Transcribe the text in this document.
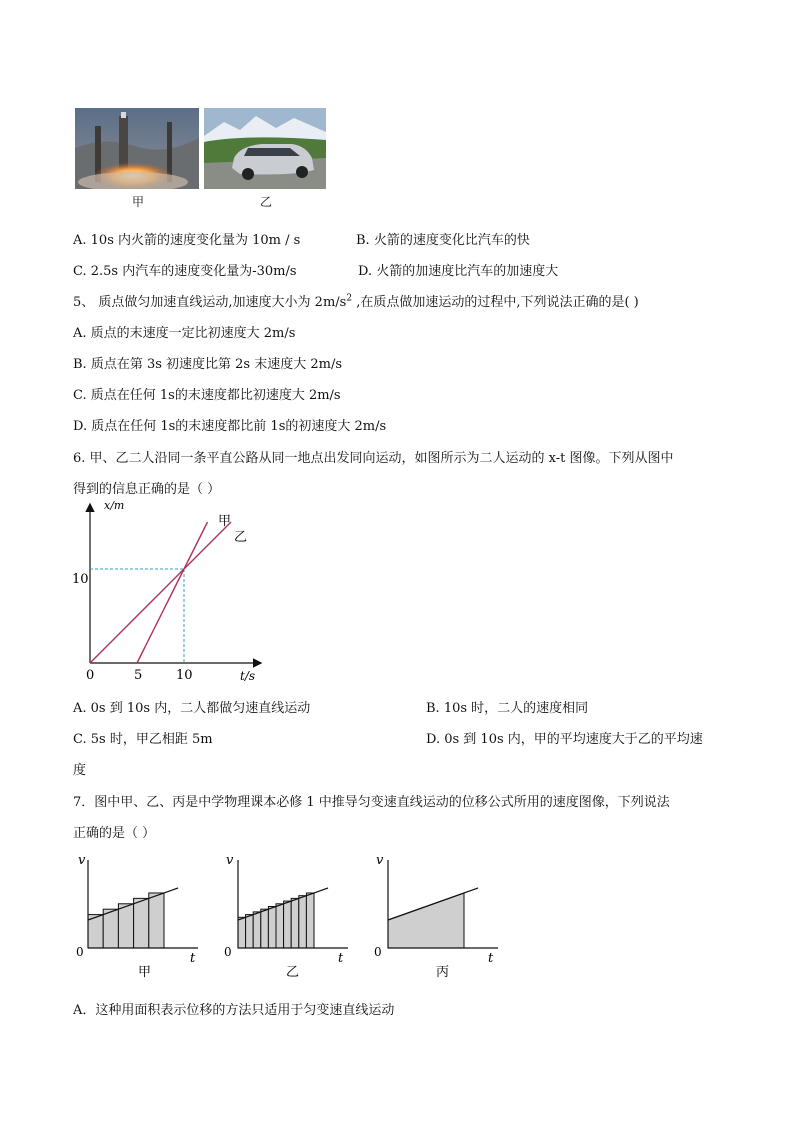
甲	乙
A. 10s 内火箭的速度变化量为 10m / s	B. 火箭的速度变化比汽车的快
C. 2.5s 内汽车的速度变化量为-30m/s	D. 火箭的加速度比汽车的加速度大
5、 质点做匀加速直线运动,加速度大小为 $2m/s^2$ ,在质点做加速运动的过程中,下列说法正确的是( )
A. 质点的末速度一定比初速度大 2m/s
B. 质点在第 3s 初速度比第 2s 末速度大 2m/s
C. 质点在任何 1s的末速度都比初速度大 2m/s
D. 质点在任何 1s的末速度都比前 1s的初速度大 2m/s
6. 甲、乙二人沿同一条平直公路从同一地点出发同向运动，如图所示为二人运动的 x-t 图像。下列从图中
得到的信息正确的是（ ）
x/m
t/s
0	5	10
10
甲
乙
A. 0s 到 10s 内，二人都做匀速直线运动	B. 10s 时，二人的速度相同
C. 5s 时，甲乙相距 5m	D. 0s 到 10s 内，甲的平均速度大于乙的平均速
度
7．图中甲、乙、丙是中学物理课本必修 1 中推导匀变速直线运动的位移公式所用的速度图像，下列说法
正确的是（ ）
v
t
0
甲
v
t
0
乙
v
t
0
丙
A．这种用面积表示位移的方法只适用于匀变速直线运动
